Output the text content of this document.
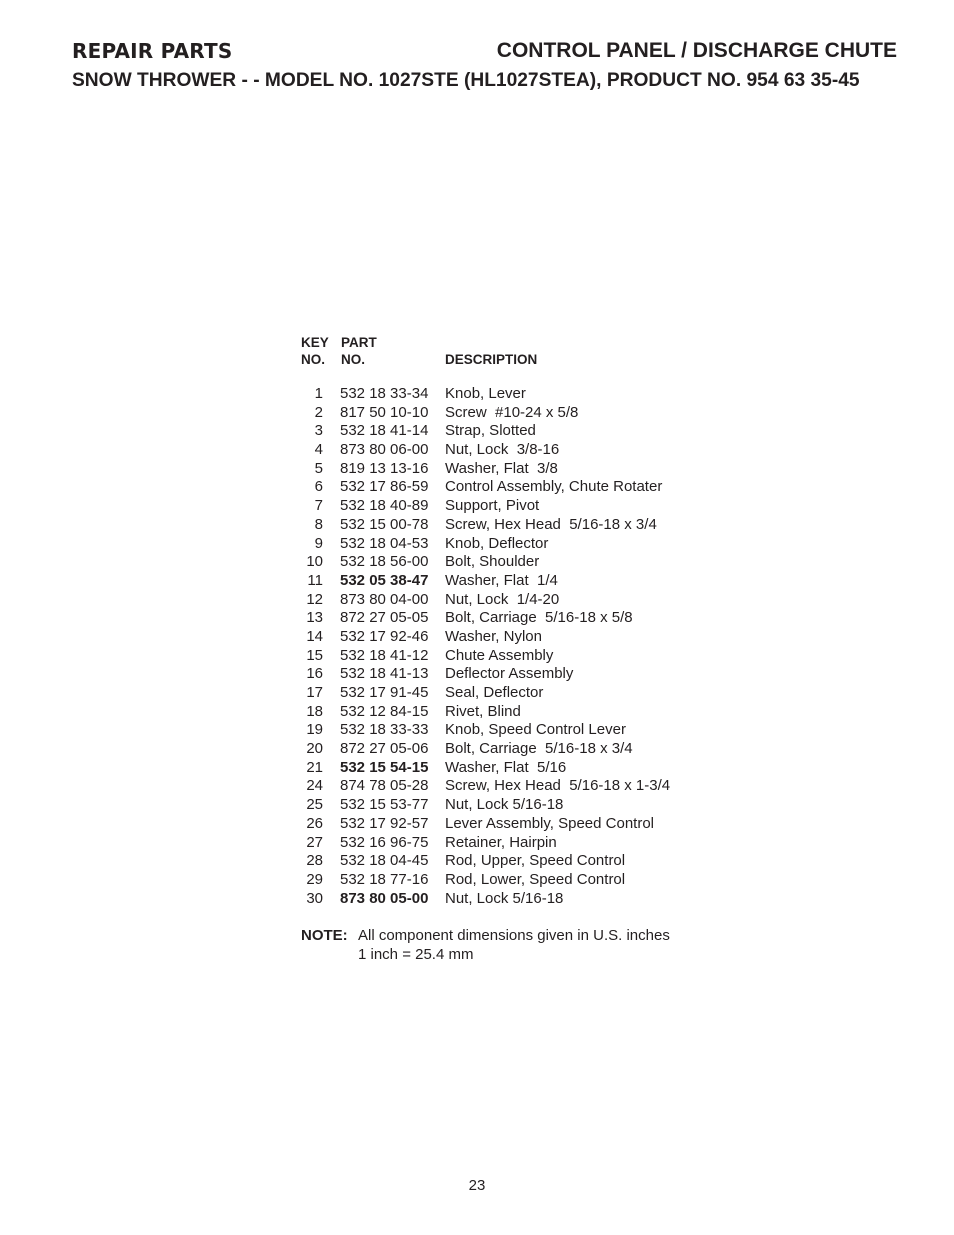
REPAIR PARTS	CONTROL PANEL / DISCHARGE CHUTE
SNOW THROWER - - MODEL NO. 1027STE (HL1027STEA), PRODUCT NO. 954 63 35-45
KEY
NO.
PART
NO.	DESCRIPTION
1 532 18 33-34 Knob, Lever
2 817 50 10-10 Screw  #10-24 x 5/8
3 532 18 41-14 Strap, Slotted
4 873 80 06-00 Nut, Lock  3/8-16
5 819 13 13-16 Washer, Flat  3/8
6 532 17 86-59 Control Assembly, Chute Rotater
7 532 18 40-89 Support, Pivot
8 532 15 00-78 Screw, Hex Head  5/16-18 x 3/4
9 532 18 04-53 Knob, Deflector
10 532 18 56-00 Bolt, Shoulder
11 532 05 38-47 Washer, Flat  1/4
12 873 80 04-00 Nut, Lock  1/4-20
13 872 27 05-05 Bolt, Carriage  5/16-18 x 5/8
14 532 17 92-46 Washer, Nylon
15 532 18 41-12 Chute Assembly
16 532 18 41-13 Deflector Assembly
17 532 17 91-45 Seal, Deflector
18 532 12 84-15 Rivet, Blind
19 532 18 33-33 Knob, Speed Control Lever
20 872 27 05-06 Bolt, Carriage  5/16-18 x 3/4
21 532 15 54-15 Washer, Flat  5/16
24 874 78 05-28 Screw, Hex Head  5/16-18 x 1-3/4
25 532 15 53-77 Nut, Lock 5/16-18
26 532 17 92-57 Lever Assembly, Speed Control
27 532 16 96-75 Retainer, Hairpin
28 532 18 04-45 Rod, Upper, Speed Control
29 532 18 77-16 Rod, Lower, Speed Control
30 873 80 05-00 Nut, Lock 5/16-18
NOTE: All component dimensions given in U.S. inches
1 inch = 25.4 mm
23
